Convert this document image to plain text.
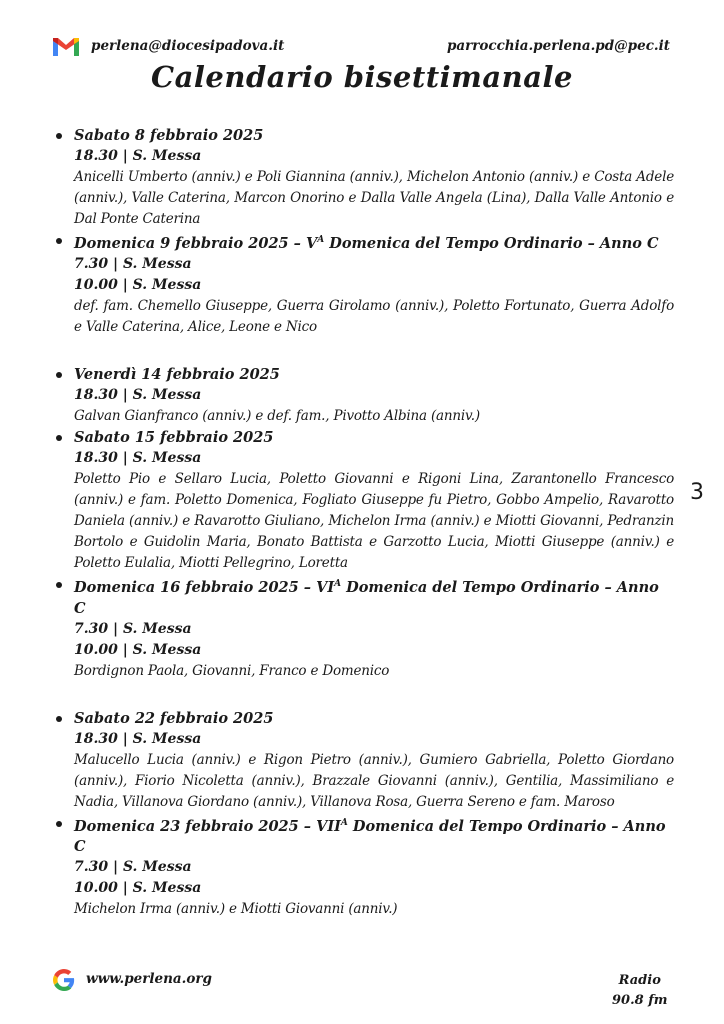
perlena@diocesipadova.it	parrocchia.perlena.pd@pec.it
Calendario bisettimanale
3
Sabato 8 febbraio 2025
18.30 | S. Messa
Anicelli Umberto (anniv.) e Poli Giannina (anniv.), Michelon Antonio (anniv.) e Costa Adele (anniv.), Valle Caterina, Marcon Onorino e Dalla Valle Angela (Lina), Dalla Valle Antonio e Dal Ponte Caterina
Domenica 9 febbraio $2025 - V^A$ Domenica del Tempo Ordinario – Anno C
7.30 | S. Messa
10.00 | S. Messa
def. fam. Chemello Giuseppe, Guerra Girolamo (anniv.), Poletto Fortunato, Guerra Adolfo e Valle Caterina, Alice, Leone e Nico
Venerdì 14 febbraio 2025
18.30 | S. Messa
Galvan Gianfranco (anniv.) e def. fam., Pivotto Albina (anniv.)
Sabato 15 febbraio 2025
18.30 | S. Messa
Poletto Pio e Sellaro Lucia, Poletto Giovanni e Rigoni Lina, Zarantonello Francesco (anniv.) e fam. Poletto Domenica, Fogliato Giuseppe fu Pietro, Gobbo Ampelio, Ravarotto Daniela (anniv.) e Ravarotto Giuliano, Michelon Irma (anniv.) e Miotti Giovanni, Pedranzin Bortolo e Guidolin Maria, Bonato Battista e Garzotto Lucia, Miotti Giuseppe (anniv.) e Poletto Eulalia, Miotti Pellegrino, Loretta
Domenica 16 febbraio $2025 - VI^A$ Domenica del Tempo Ordinario – Anno C
7.30 | S. Messa
10.00 | S. Messa
Bordignon Paola, Giovanni, Franco e Domenico
Sabato 22 febbraio 2025
18.30 | S. Messa
Malucello Lucia (anniv.) e Rigon Pietro (anniv.), Gumiero Gabriella, Poletto Giordano (anniv.), Fiorio Nicoletta (anniv.), Brazzale Giovanni (anniv.), Gentilia, Massimiliano e Nadia, Villanova Giordano (anniv.), Villanova Rosa, Guerra Sereno e fam. Maroso
Domenica 23 febbraio $2025 - VII^A$ Domenica del Tempo Ordinario – Anno C
7.30 | S. Messa
10.00 | S. Messa
Michelon Irma (anniv.) e Miotti Giovanni (anniv.)
www.perlena.org	Radio
90.8 fm
